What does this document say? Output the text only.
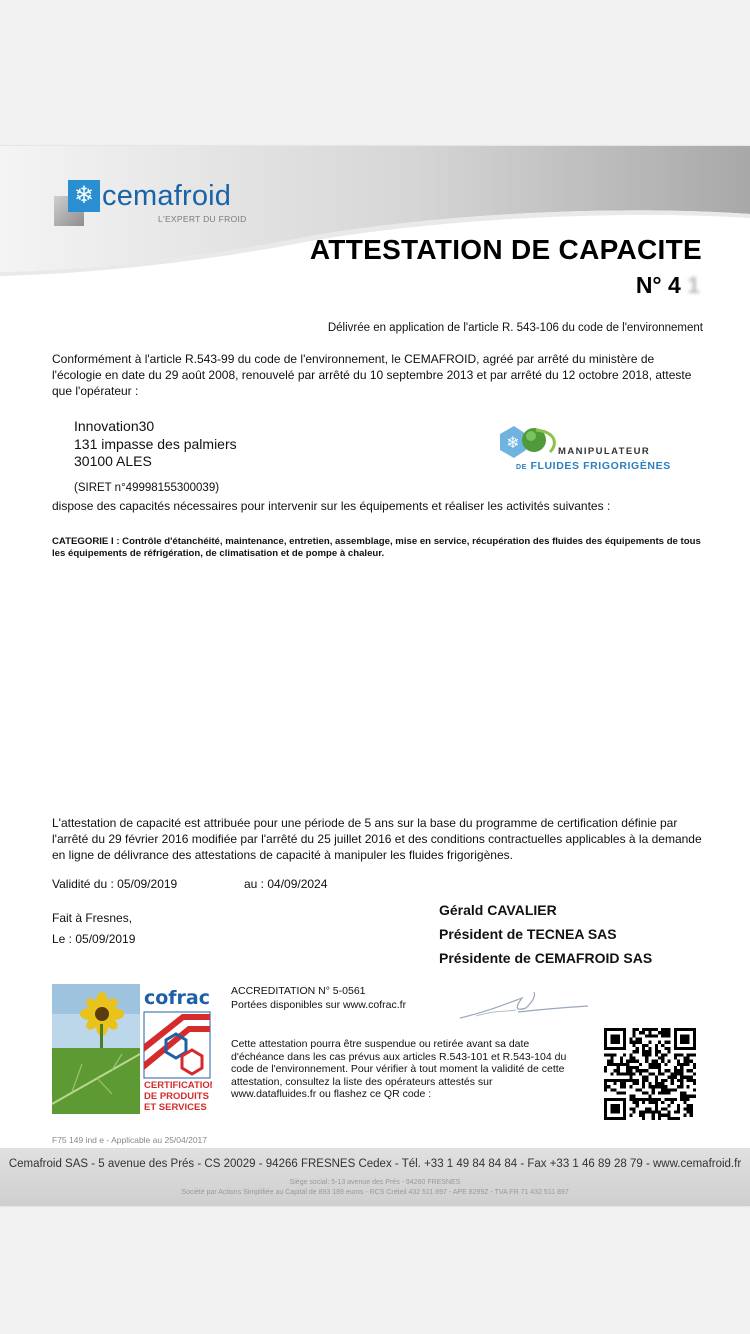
❄ cemafroid
L'EXPERT DU FROID
ATTESTATION DE CAPACITE
N° 4 1
Délivrée en application de l'article R. 543-106 du code de l'environnement
Conformément à l'article R.543-99 du code de l'environnement, le CEMAFROID, agréé par arrêté du ministère de l'écologie en date du 29 août 2008, renouvelé par arrêté du 10 septembre 2013 et par arrêté du 12 octobre 2018, atteste que l'opérateur :
Innovation30
131 impasse des palmiers
30100 ALES
(SIRET n°49998155300039)
❄	MANIPULATEUR
DE FLUIDES FRIGORIGÈNES
dispose des capacités nécessaires pour intervenir sur les équipements et réaliser les activités suivantes :
CATEGORIE I : Contrôle d'étanchéité, maintenance, entretien, assemblage, mise en service, récupération des fluides des équipements de tous les équipements de réfrigération, de climatisation et de pompe à chaleur.
L'attestation de capacité est attribuée pour une période de 5 ans sur la base du programme de certification définie par l'arrêté du 29 février 2016 modifiée par l'arrêté du 25 juillet 2016 et des conditions contractuelles applicables à la demande en ligne de délivrance des attestations de capacité à manipuler les fluides frigorigènes.
Validité du : 05/09/2019	au : 04/09/2024
Fait à Fresnes,
Le : 05/09/2019
Gérald CAVALIER
Président de TECNEA SAS
Présidente de CEMAFROID SAS
cofrac
CERTIFICATION
DE PRODUITS
ET SERVICES
ACCREDITATION N° 5-0561
Portées disponibles sur www.cofrac.fr
Cette attestation pourra être suspendue ou retirée avant sa date d'échéance dans les cas prévus aux articles R.543-101 et R.543-104 du code de l'environnement. Pour vérifier à tout moment la validité de cette attestation, consultez la liste des opérateurs attestés sur www.datafluides.fr ou flashez ce QR code :
F75 149 ind e - Applicable au 25/04/2017
Cemafroid SAS - 5 avenue des Prés - CS 20029 - 94266 FRESNES Cedex - Tél. +33 1 49 84 84 84 - Fax +33 1 46 89 28 79 - www.cemafroid.fr
Siège social: 5-13 avenue des Prés - 94260 FRESNES
Société par Actions Simplifiée au Capital de 893 189 euros - RCS Créteil 432 511 897 - APE 8299Z - TVA FR 71 432 511 897
